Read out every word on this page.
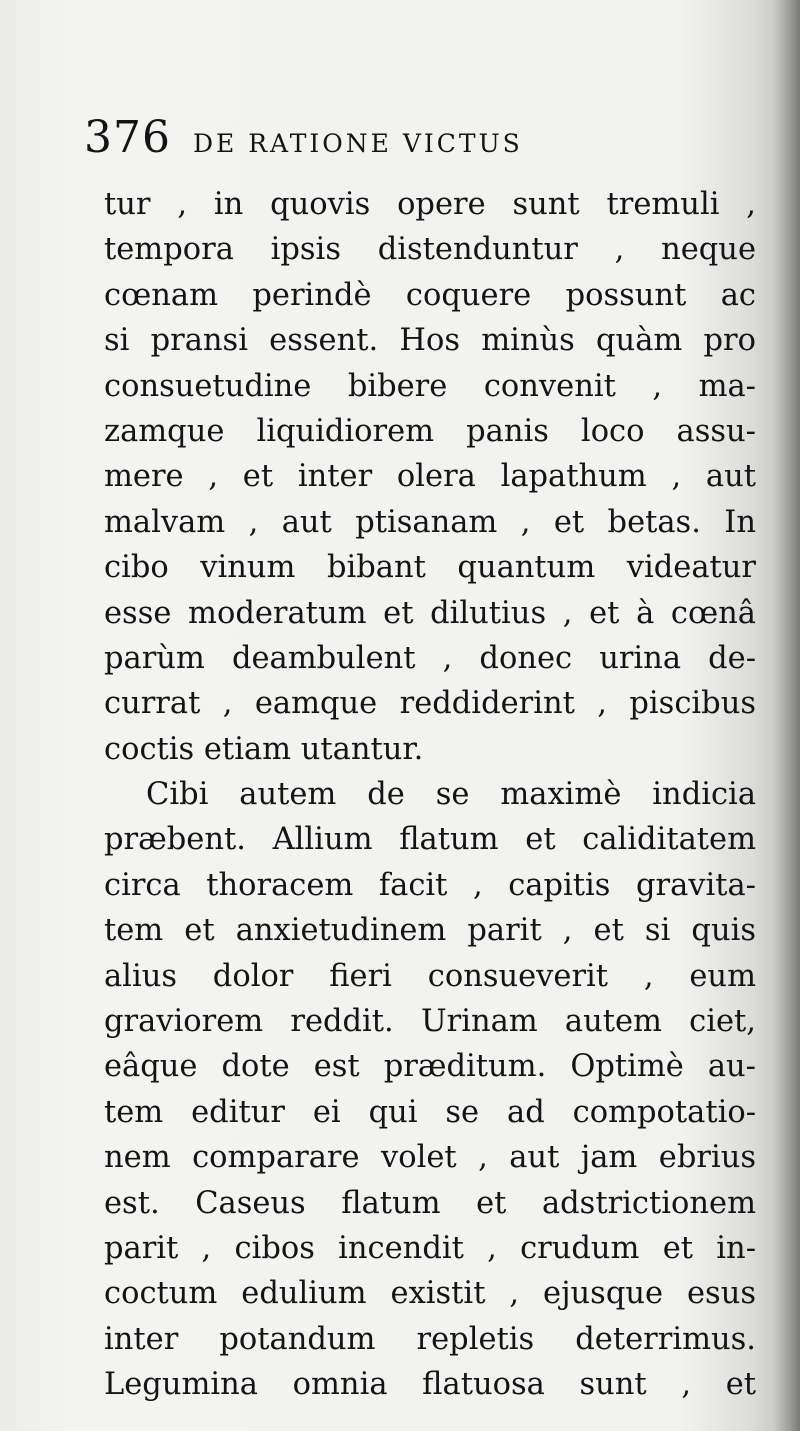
376 DE RATIONE VICTUS
tur , in quovis opere sunt tremuli ,
tempora ipsis distenduntur , neque
cœnam perindè coquere possunt ac
si pransi essent. Hos minùs quàm pro
consuetudine bibere convenit , ma-
zamque liquidiorem panis loco assu-
mere , et inter olera lapathum , aut
malvam , aut ptisanam , et betas. In
cibo vinum bibant quantum videatur
esse moderatum et dilutius , et à cœnâ
parùm deambulent , donec urina de-
currat , eamque reddiderint , piscibus
coctis etiam utantur.
Cibi autem de se maximè indicia
præbent. Allium flatum et caliditatem
circa thoracem facit , capitis gravita-
tem et anxietudinem parit , et si quis
alius dolor fieri consueverit , eum
graviorem reddit. Urinam autem ciet,
eâque dote est præditum. Optimè au-
tem editur ei qui se ad compotatio-
nem comparare volet , aut jam ebrius
est. Caseus flatum et adstrictionem
parit , cibos incendit , crudum et in-
coctum edulium existit , ejusque esus
inter potandum repletis deterrimus.
Legumina omnia flatuosa sunt , et
